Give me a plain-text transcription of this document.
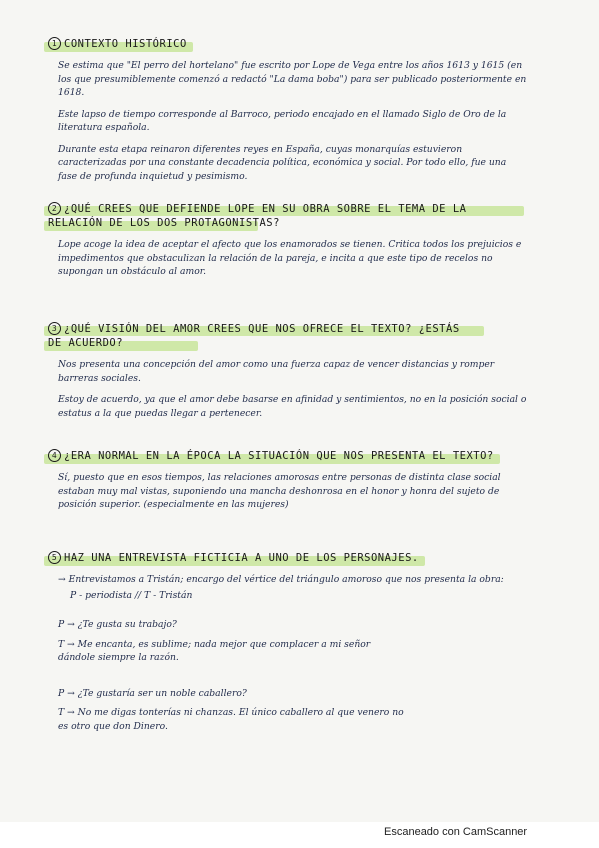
1 CONTEXTO HISTÓRICO

Se estima que "El perro del hortelano" fue escrito por Lope de Vega entre los años 1613 y 1615 (en los que presumiblemente comenzó a redactó "La dama boba") para ser publicado posteriormente en 1618.

Este lapso de tiempo corresponde al Barroco, periodo encajado en el llamado Siglo de Oro de la literatura española.

Durante esta etapa reinaron diferentes reyes en España, cuyas monarquías estuvieron caracterizadas por una constante decadencia política, económica y social. Por todo ello, fue una fase de profunda inquietud y pesimismo.

2 ¿QUÉ CREES QUE DEFIENDE LOPE EN SU OBRA SOBRE EL TEMA DE LA RELACIÓN DE LOS DOS PROTAGONISTAS?

Lope acoge la idea de aceptar el afecto que los enamorados se tienen. Critica todos los prejuicios e impedimentos que obstaculizan la relación de la pareja, e incita a que este tipo de recelos no supongan un obstáculo al amor.

3 ¿QUÉ VISIÓN DEL AMOR CREES QUE NOS OFRECE EL TEXTO? ¿ESTÁS DE ACUERDO?

Nos presenta una concepción del amor como una fuerza capaz de vencer distancias y romper barreras sociales.

Estoy de acuerdo, ya que el amor debe basarse en afinidad y sentimientos, no en la posición social o estatus a la que puedas llegar a pertenecer.

4 ¿ERA NORMAL EN LA ÉPOCA LA SITUACIÓN QUE NOS PRESENTA EL TEXTO?

Sí, puesto que en esos tiempos, las relaciones amorosas entre personas de distinta clase social estaban muy mal vistas, suponiendo una mancha deshonrosa en el honor y honra del sujeto de posición superior. (especialmente en las mujeres)

5 HAZ UNA ENTREVISTA FICTICIA A UNO DE LOS PERSONAJES.

→ Entrevistamos a Tristán; encargo del vértice del triángulo amoroso que nos presenta la obra:

P - periodista // T - Tristán

P → ¿Te gusta su trabajo?

T → Me encanta, es sublime; nada mejor que complacer a mi señor dándole siempre la razón.

P → ¿Te gustaría ser un noble caballero?

T → No me digas tonterías ni chanzas. El único caballero al que venero no es otro que don Dinero.

Escaneado con CamScanner
